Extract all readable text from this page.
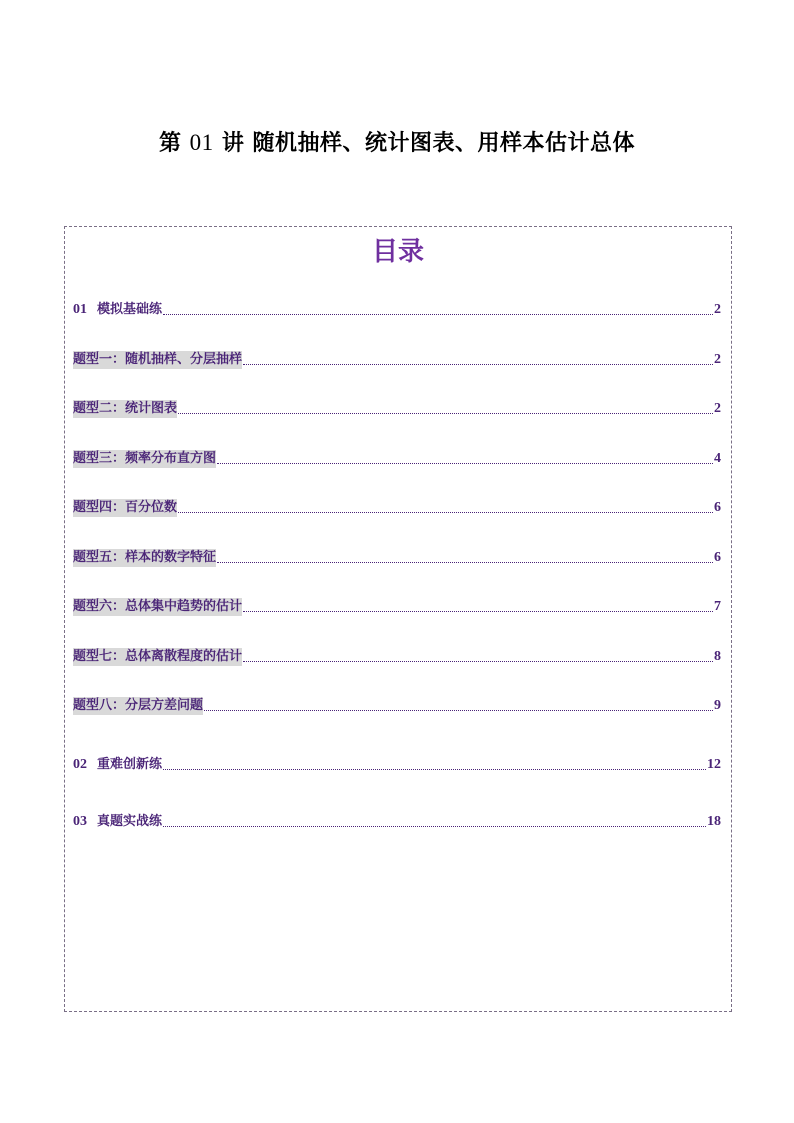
第 01 讲 随机抽样、统计图表、用样本估计总体
目录
01 模拟基础练	2
题型一：随机抽样、分层抽样	2
题型二：统计图表	2
题型三：频率分布直方图	4
题型四：百分位数	6
题型五：样本的数字特征	6
题型六：总体集中趋势的估计	7
题型七：总体离散程度的估计	8
题型八：分层方差问题	9
02 重难创新练	12
03 真题实战练	18
